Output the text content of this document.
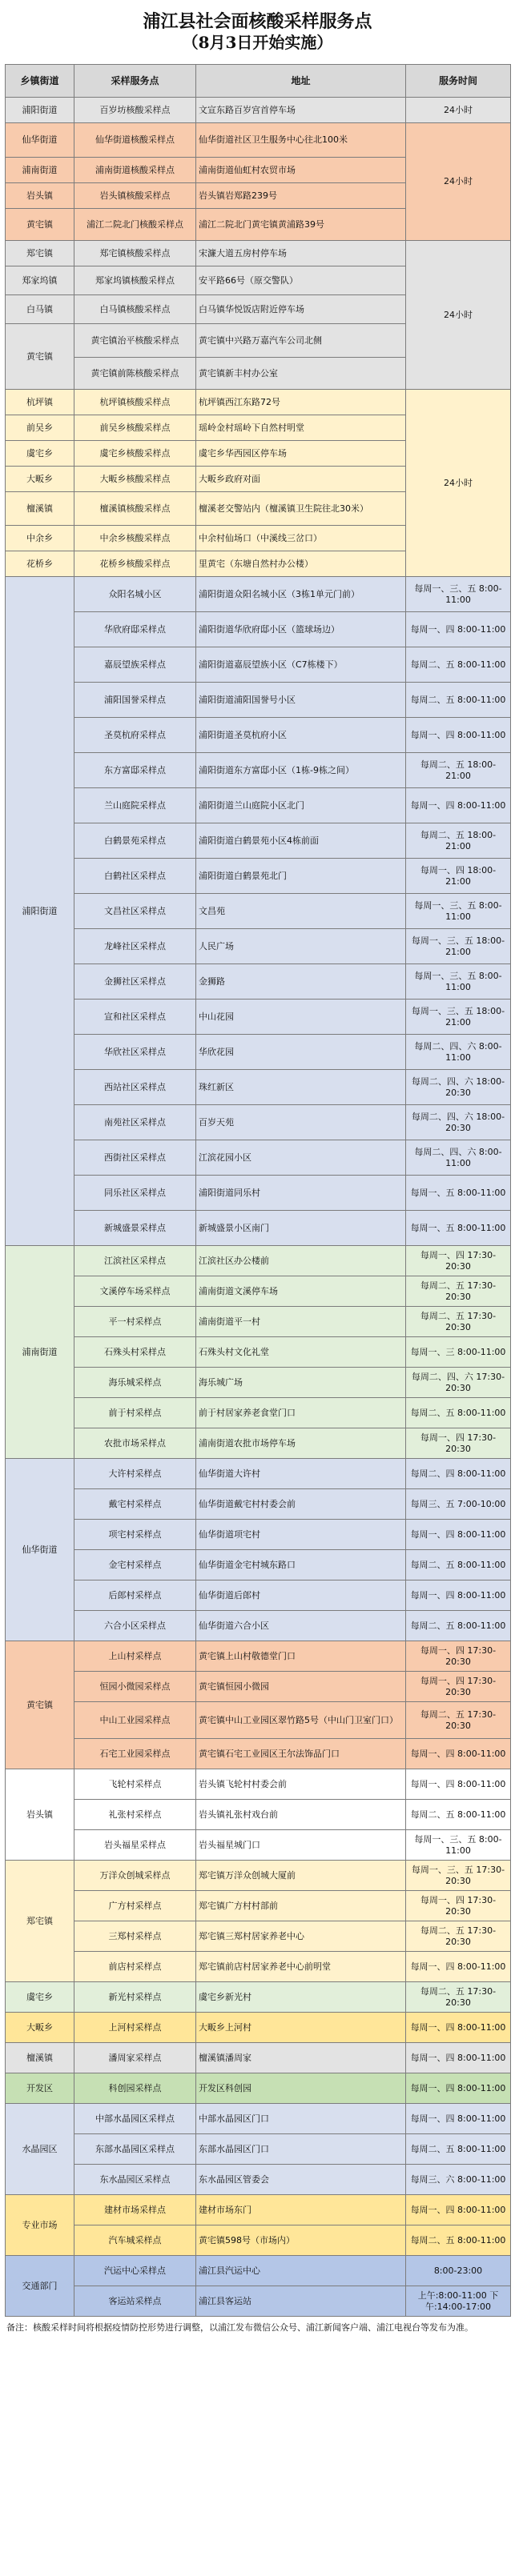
浦江县社会面核酸采样服务点
（8月3日开始实施）
乡镇街道	采样服务点	地址	服务时间
浦阳街道	百岁坊核酸采样点	文宣东路百岁宫首停车场	24小时
仙华街道	仙华街道核酸采样点	仙华街道社区卫生服务中心往北100米	24小时
浦南街道	浦南街道核酸采样点	浦南街道仙虹村农贸市场	
岩头镇	岩头镇核酸采样点	岩头镇岩郑路239号	
黄宅镇	浦江二院北门核酸采样点	浦江二院北门黄宅镇黄浦路39号	
郑宅镇	郑宅镇核酸采样点	宋濂大道五房村停车场	24小时
郑家坞镇	郑家坞镇核酸采样点	安平路66号（原交警队）	
白马镇	白马镇核酸采样点	白马镇华悦饭店附近停车场	
黄宅镇	黄宅镇治平核酸采样点	黄宅镇中兴路万嘉汽车公司北侧	
	黄宅镇前陈核酸采样点	黄宅镇新丰村办公室	
杭坪镇	杭坪镇核酸采样点	杭坪镇西江东路72号	24小时
前吴乡	前吴乡核酸采样点	瑶岭金村瑶岭下自然村明堂	
虞宅乡	虞宅乡核酸采样点	虞宅乡华西园区停车场	
大畈乡	大畈乡核酸采样点	大畈乡政府对面	
檀溪镇	檀溪镇核酸采样点	檀溪老交警站内（檀溪镇卫生院往北30米）	
中余乡	中余乡核酸采样点	中余村仙场口（中溪线三岔口）	
花桥乡	花桥乡核酸采样点	里黄宅（东塘自然村办公楼）	
浦阳街道	众阳名城小区	浦阳街道众阳名城小区（3栋1单元门前）	每周一、三、五 8:00-11:00
	华欣府邸采样点	浦阳街道华欣府邸小区（篮球场边）	每周一、四 8:00-11:00
	嘉辰望族采样点	浦阳街道嘉辰望族小区（C7栋楼下）	每周二、五 8:00-11:00
	浦阳国誉采样点	浦阳街道浦阳国誉号小区	每周二、五 8:00-11:00
	圣莫杭府采样点	浦阳街道圣莫杭府小区	每周一、四 8:00-11:00
	东方富邸采样点	浦阳街道东方富邸小区（1栋-9栋之间）	每周二、五 18:00-21:00
	兰山庭院采样点	浦阳街道兰山庭院小区北门	每周一、四 8:00-11:00
	白鹤景苑采样点	浦阳街道白鹤景苑小区4栋前面	每周二、五 18:00-21:00
	白鹤社区采样点	浦阳街道白鹤景苑北门	每周一、四 18:00-21:00
	文昌社区采样点	文昌苑	每周一、三、五 8:00-11:00
	龙峰社区采样点	人民广场	每周一、三、五 18:00-21:00
	金狮社区采样点	金狮路	每周一、三、五 8:00-11:00
	宣和社区采样点	中山花园	每周一、三、五 18:00-21:00
	华欣社区采样点	华欣花园	每周二、四、六 8:00-11:00
	西站社区采样点	珠红新区	每周二、四、六 18:00-20:30
	南苑社区采样点	百岁天苑	每周二、四、六 18:00-20:30
	西街社区采样点	江滨花园小区	每周二、四、六 8:00-11:00
	同乐社区采样点	浦阳街道同乐村	每周一、五 8:00-11:00
	新城盛景采样点	新城盛景小区南门	每周一、五 8:00-11:00
浦南街道	江滨社区采样点	江滨社区办公楼前	每周一、四 17:30-20:30
	文溪停车场采样点	浦南街道文溪停车场	每周二、五 17:30-20:30
	平一村采样点	浦南街道平一村	每周二、五 17:30-20:30
	石殊头村采样点	石殊头村文化礼堂	每周一、三 8:00-11:00
	海乐城采样点	海乐城广场	每周二、四、六 17:30-20:30
	前于村采样点	前于村居家养老食堂门口	每周二、五 8:00-11:00
	农批市场采样点	浦南街道农批市场停车场	每周一、四 17:30-20:30
仙华街道	大许村采样点	仙华街道大许村	每周二、四 8:00-11:00
	戴宅村采样点	仙华街道戴宅村村委会前	每周三、五 7:00-10:00
	项宅村采样点	仙华街道项宅村	每周一、四 8:00-11:00
	金宅村采样点	仙华街道金宅村城东路口	每周二、五 8:00-11:00
	后郎村采样点	仙华街道后郎村	每周一、四 8:00-11:00
	六合小区采样点	仙华街道六合小区	每周二、五 8:00-11:00
黄宅镇	上山村采样点	黄宅镇上山村敬德堂门口	每周一、四 17:30-20:30
	恒园小微园采样点	黄宅镇恒园小微园	每周一、四 17:30-20:30
	中山工业园采样点	黄宅镇中山工业园区翠竹路5号（中山门卫室门口）	每周二、五 17:30-20:30
	石宅工业园采样点	黄宅镇石宅工业园区王尔法饰品门口	每周一、四 8:00-11:00
岩头镇	飞轮村采样点	岩头镇飞轮村村委会前	每周一、四 8:00-11:00
	礼张村采样点	岩头镇礼张村戏台前	每周二、五 8:00-11:00
	岩头福星采样点	岩头福星城门口	每周一、三、五 8:00-11:00
郑宅镇	万洋众创城采样点	郑宅镇万洋众创城大厦前	每周一、三、五 17:30-20:30
	广方村采样点	郑宅镇广方村村部前	每周一、四 17:30-20:30
	三郑村采样点	郑宅镇三郑村居家养老中心	每周二、五 17:30-20:30
	前店村采样点	郑宅镇前店村居家养老中心前明堂	每周一、四 8:00-11:00
虞宅乡	新光村采样点	虞宅乡新光村	每周二、五 17:30-20:30
大畈乡	上河村采样点	大畈乡上河村	每周一、四 8:00-11:00
檀溪镇	潘周家采样点	檀溪镇潘周家	每周一、四 8:00-11:00
开发区	科创园采样点	开发区科创园	每周一、四 8:00-11:00
水晶园区	中部水晶园区采样点	中部水晶园区门口	每周一、四 8:00-11:00
	东部水晶园区采样点	东部水晶园区门口	每周二、五 8:00-11:00
	东水晶园区采样点	东水晶园区管委会	每周三、六 8:00-11:00
专业市场	建材市场采样点	建材市场东门	每周一、四 8:00-11:00
	汽车城采样点	黄宅镇598号（市场内）	每周二、五 8:00-11:00
交通部门	汽运中心采样点	浦江县汽运中心	8:00-23:00
	客运站采样点	浦江县客运站	上午:8:00-11:00 下午:14:00-17:00
备注：核酸采样时间将根据疫情防控形势进行调整，以浦江发布微信公众号、浦江新闻客户端、浦江电视台等发布为准。
